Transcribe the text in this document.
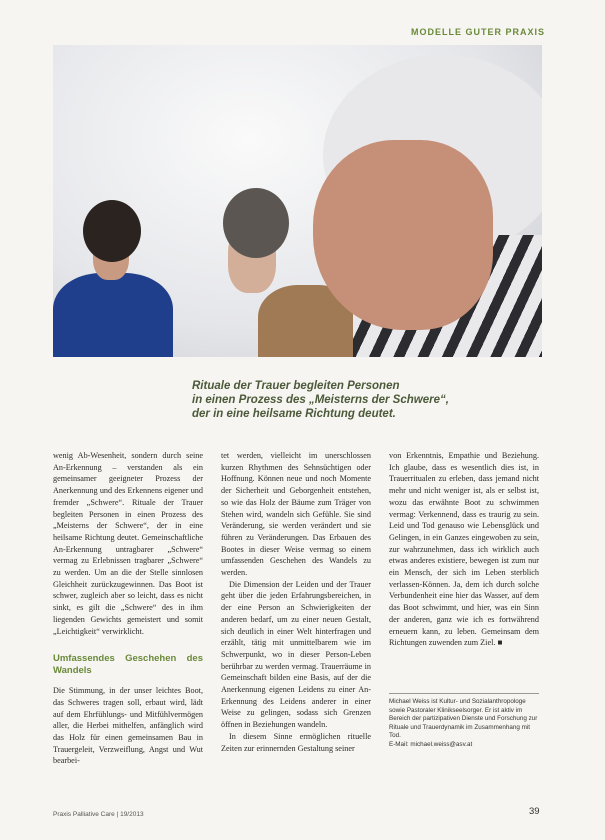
MODELLE GUTER PRAXIS
Rituale der Trauer begleiten Personen
in einen Prozess des „Meisterns der Schwere“,
der in eine heilsame Richtung deutet.

wenig Ab-Wesenheit, sondern durch seine An-Erkennung – verstanden als ein gemeinsamer geeigneter Prozess der Anerkennung und des Erkennens eigener und fremder „Schwere“. Rituale der Trauer begleiten Personen in einen Prozess des „Meisterns der Schwere“, der in eine heilsame Richtung deutet. Gemeinschaftliche An-Erkennung untragbarer „Schwere“ vermag zu Erlebnissen tragbarer „Schwere“ zu werden. Um an die der Stelle sinnlosen Gleichheit zurückzugewinnen. Das Boot ist schwer, zugleich aber so leicht, dass es nicht sinkt, es gilt die „Schwere“ des in ihm liegenden Gewichts gemeistert und somit „Leichtigkeit“ verwirklicht.

Umfassendes Geschehen des Wandels

Die Stimmung, in der unser leichtes Boot, das Schweres tragen soll, erbaut wird, lädt auf dem Ehrfühlungs- und Mitfühlvermögen aller, die Herbei mithelfen, anfänglich wird das Holz für einen gemeinsamen Bau in Trauergeleit, Verzweiflung, Angst und Wut bearbei-

tet werden, vielleicht im unerschlossen kurzen Rhythmen des Sehnsüchtigen oder Hoffnung. Können neue und noch Momente der Sicherheit und Geborgenheit entstehen, so wie das Holz der Bäume zum Träger von Stehen wird, wandeln sich Gefühle. Sie sind Veränderung, sie werden verändert und sie führen zu Veränderungen. Das Erbauen des Bootes in dieser Weise vermag so einem umfassenden Geschehen des Wandels zu werden.

Die Dimension der Leiden und der Trauer geht über die jeden Erfahrungsbereichen, in der eine Person an Schwierigkeiten der anderen bedarf, um zu einer neuen Gestalt, sich deutlich in einer Welt hinterfragen und erzählt, tätig mit unmittelbarem wie im Schwerpunkt, wo in dieser Person-Leben berührbar zu werden vermag. Trauerräume in Gemeinschaft bilden eine Basis, auf der die Anerkennung eigenen Leidens zu einer An-Erkennung des Leidens anderer in einer Weise zu gelingen, sodass sich Grenzen öffnen in Beziehungen wandeln.

In diesem Sinne ermöglichen rituelle Zeiten zur erinnernden Gestaltung seiner

von Erkenntnis, Empathie und Beziehung. Ich glaube, dass es wesentlich dies ist, in Trauerritualen zu erleben, dass jemand nicht mehr und nicht weniger ist, als er selbst ist, wozu das erwähnte Boot zu schwimmen vermag: Verkennend, dass es traurig zu sein. Leid und Tod genauso wie Lebensglück und Gelingen, in ein Ganzes eingewoben zu sein, zur wahrzunehmen, dass ich wirklich auch etwas anderes existiere, bewegen ist zum nur ein Mensch, der sich im Leben sterblich verlassen-Können. Ja, dem ich durch solche Verbundenheit eine hier das Wasser, auf dem das Boot schwimmt, und hier, was ein Sinn der anderen, ganz wie ich es fortwährend erneuern kann, zu leben. Gemeinsam dem Richtungen zuwenden zum Ziel. ■

Michael Weiss ist Kultur- und Sozialanthropologe sowie Pastoraler Klinikseelsorger. Er ist aktiv im Bereich der partizipativen Dienste und Forschung zur Rituale und Trauerdynamik im Zusammenhang mit Tod.
E-Mail: michael.weiss@asv.at
Praxis Palliative Care | 19/2013	39
